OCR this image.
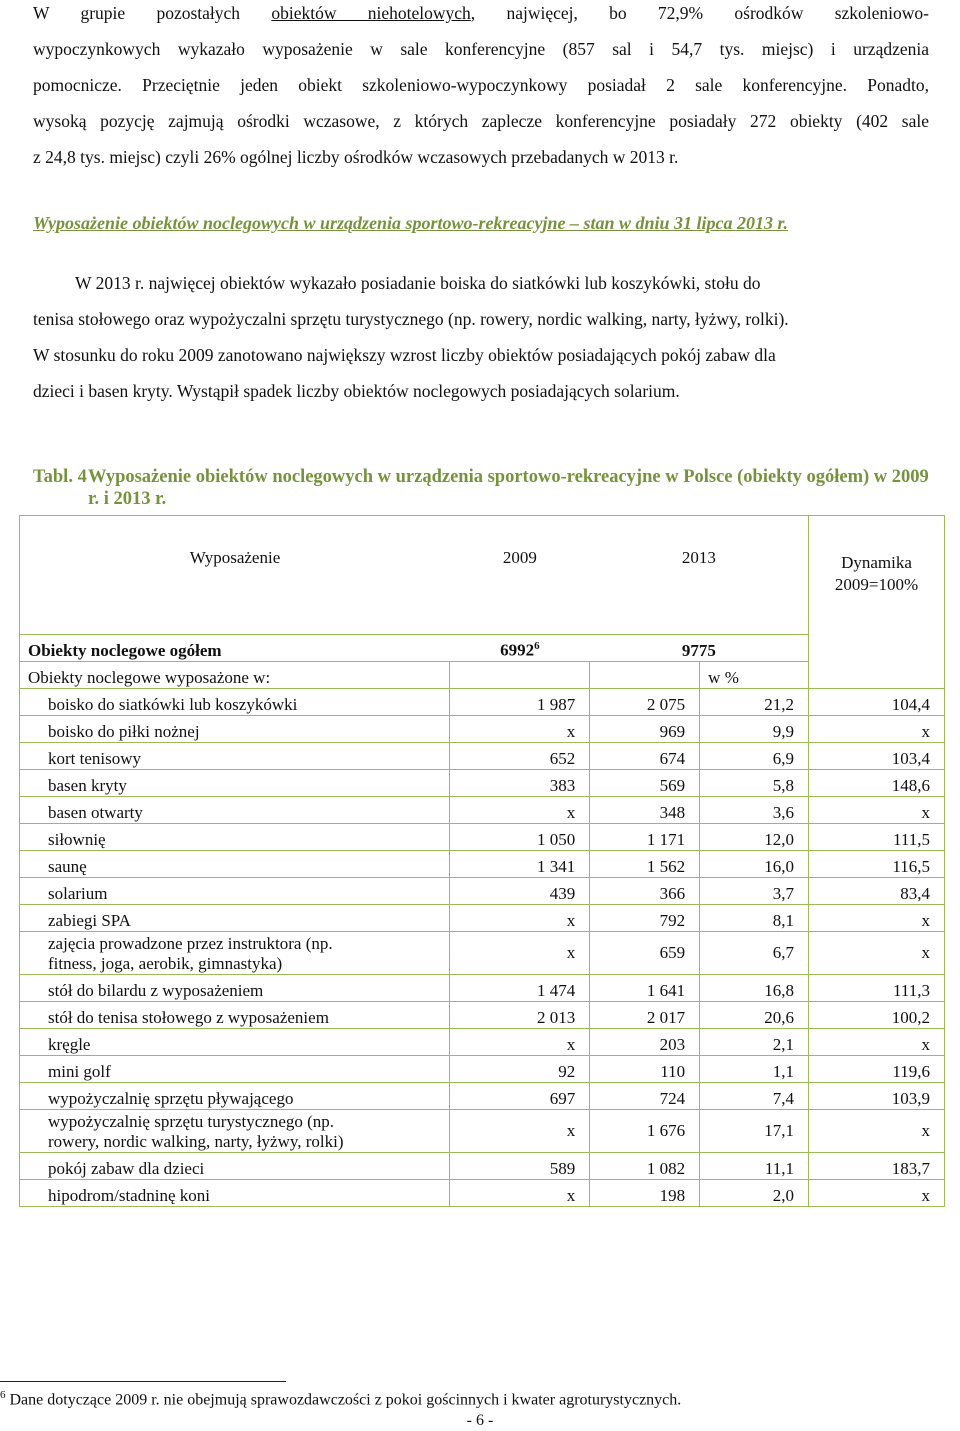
W grupie pozostałych obiektów niehotelowych, najwięcej, bo 72,9% ośrodków szkoleniowo-
wypoczynkowych wykazało wyposażenie w sale konferencyjne (857 sal i 54,7 tys. miejsc) i urządzenia
pomocnicze. Przeciętnie jeden obiekt szkoleniowo-wypoczynkowy posiadał 2 sale konferencyjne. Ponadto,
wysoką pozycję zajmują ośrodki wczasowe, z których zaplecze konferencyjne posiadały 272 obiekty (402 sale
z 24,8 tys. miejsc) czyli 26% ogólnej liczby ośrodków wczasowych przebadanych w 2013 r.
Wyposażenie obiektów noclegowych w urządzenia sportowo-rekreacyjne – stan w dniu 31 lipca 2013 r.
W 2013 r. najwięcej obiektów wykazało posiadanie boiska do siatkówki lub koszykówki, stołu do
tenisa stołowego oraz wypożyczalni sprzętu turystycznego (np. rowery, nordic walking, narty, łyżwy, rolki).
W stosunku do roku 2009 zanotowano największy wzrost liczby obiektów posiadających pokój zabaw dla
dzieci i basen kryty. Wystąpił spadek liczby obiektów noclegowych posiadających solarium.
Tabl. 4 Wyposażenie obiektów noclegowych w urządzenia sportowo-rekreacyjne w Polsce (obiekty ogółem) w 2009 r. i 2013 r.
Wyposażenie	2009	2013		Dynamika
2009=100%
Obiekty noclegowe ogółem	6992$^6$	9775		
Obiekty noclegowe wyposażone w:			w %	
boisko do siatkówki lub koszykówki	1 987	2 075	21,2	104,4
boisko do piłki nożnej	x	969	9,9	x
kort tenisowy	652	674	6,9	103,4
basen kryty	383	569	5,8	148,6
basen otwarty	x	348	3,6	x
siłownię	1 050	1 171	12,0	111,5
saunę	1 341	1 562	16,0	116,5
solarium	439	366	3,7	83,4
zabiegi SPA	x	792	8,1	x

zajęcia prowadzone przez instruktora (np.
fitness, joga, aerobik, gimnastyka)	x	659	6,7	x
stół do bilardu z wyposażeniem	1 474	1 641	16,8	111,3
stół do tenisa stołowego z wyposażeniem	2 013	2 017	20,6	100,2
kręgle	x	203	2,1	x
mini golf	92	110	1,1	119,6
wypożyczalnię sprzętu pływającego	697	724	7,4	103,9

wypożyczalnię sprzętu turystycznego (np.
rowery, nordic walking, narty, łyżwy, rolki)	x	1 676	17,1	x
pokój zabaw dla dzieci	589	1 082	11,1	183,7
hipodrom/stadninę koni	x	198	2,0	x
$^6$ Dane dotyczące 2009 r. nie obejmują sprawozdawczości z pokoi gościnnych i kwater agroturystycznych.
- 6 -
